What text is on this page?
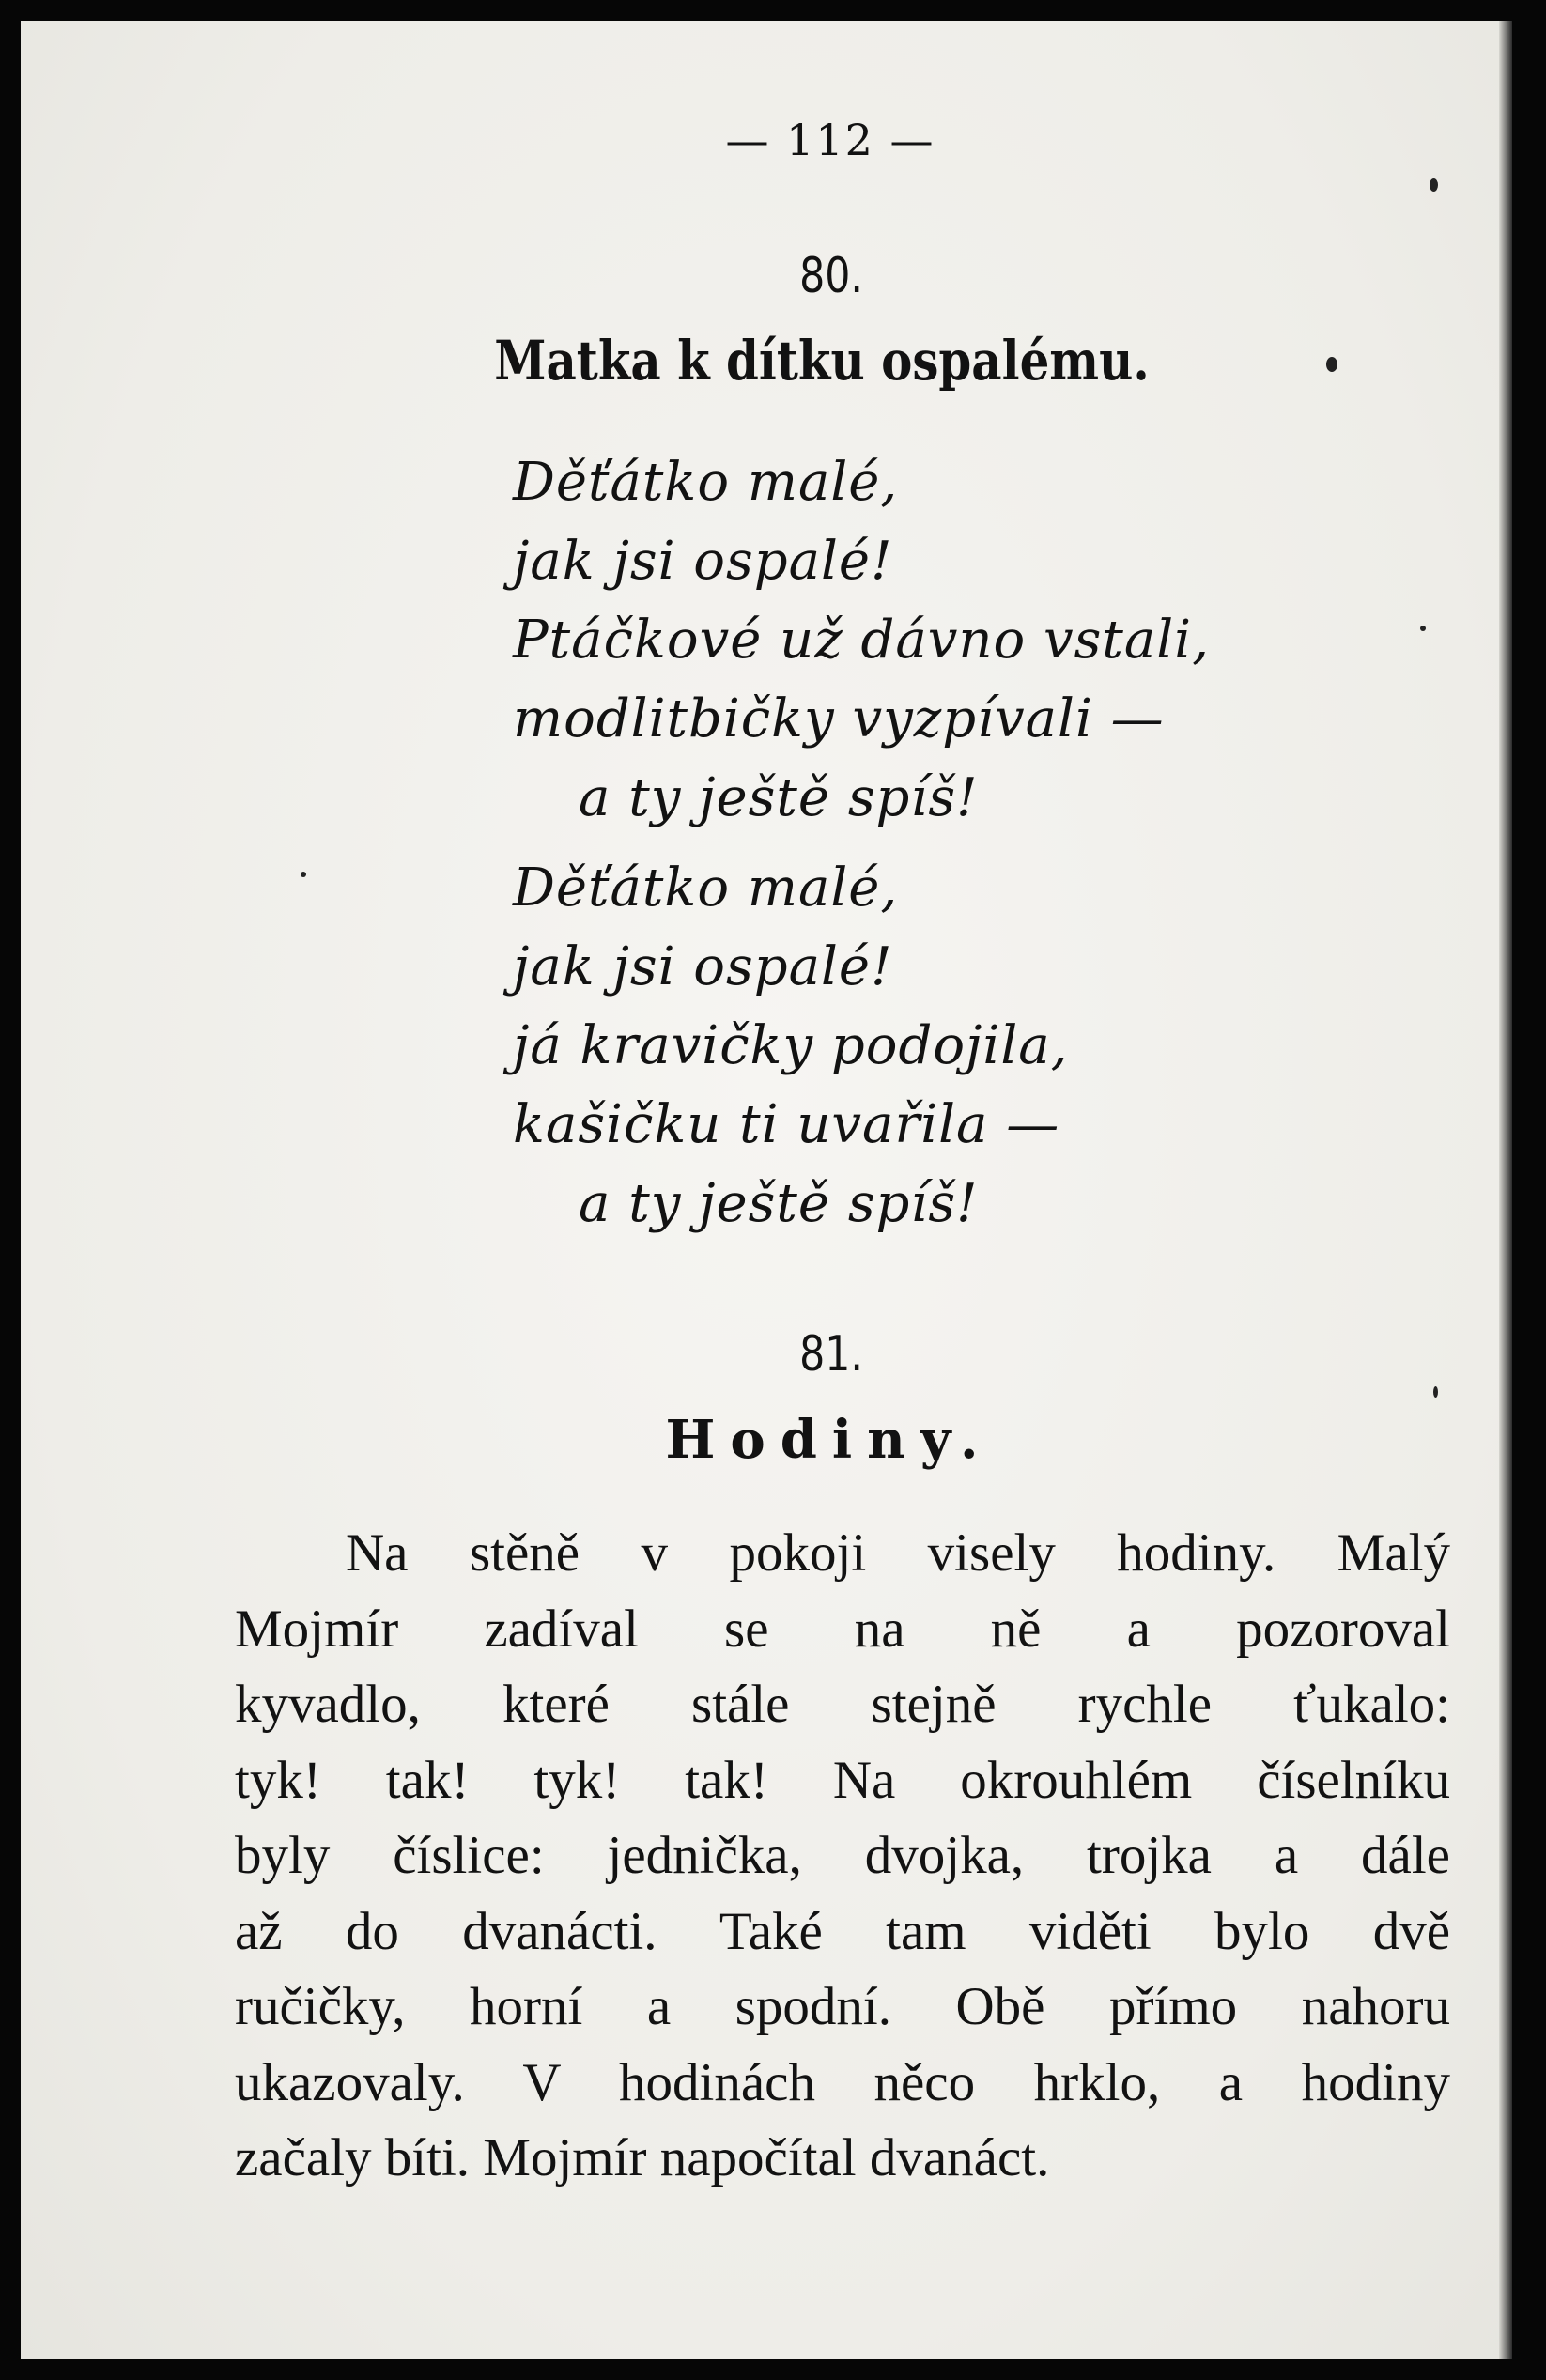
— 112 —
80.
Matka k dítku ospalému.
Děťátko malé,
jak jsi ospalé!
Ptáčkové už dávno vstali,
modlitbičky vyzpívali —
a ty ještě spíš!
Děťátko malé,
jak jsi ospalé!
já kravičky podojila,
kašičku ti uvařila —
a ty ještě spíš!
81.
Hodiny.
Na stěně v pokoji visely hodiny. Malý
Mojmír zadíval se na ně a pozoroval
kyvadlo, které stále stejně rychle ťukalo:
tyk! tak! tyk! tak! Na okrouhlém číselníku
byly číslice: jednička, dvojka, trojka a dále
až do dvanácti. Také tam viděti bylo dvě
ručičky, horní a spodní. Obě přímo nahoru
ukazovaly. V hodinách něco hrklo, a hodiny
začaly bíti. Mojmír napočítal dvanáct.
